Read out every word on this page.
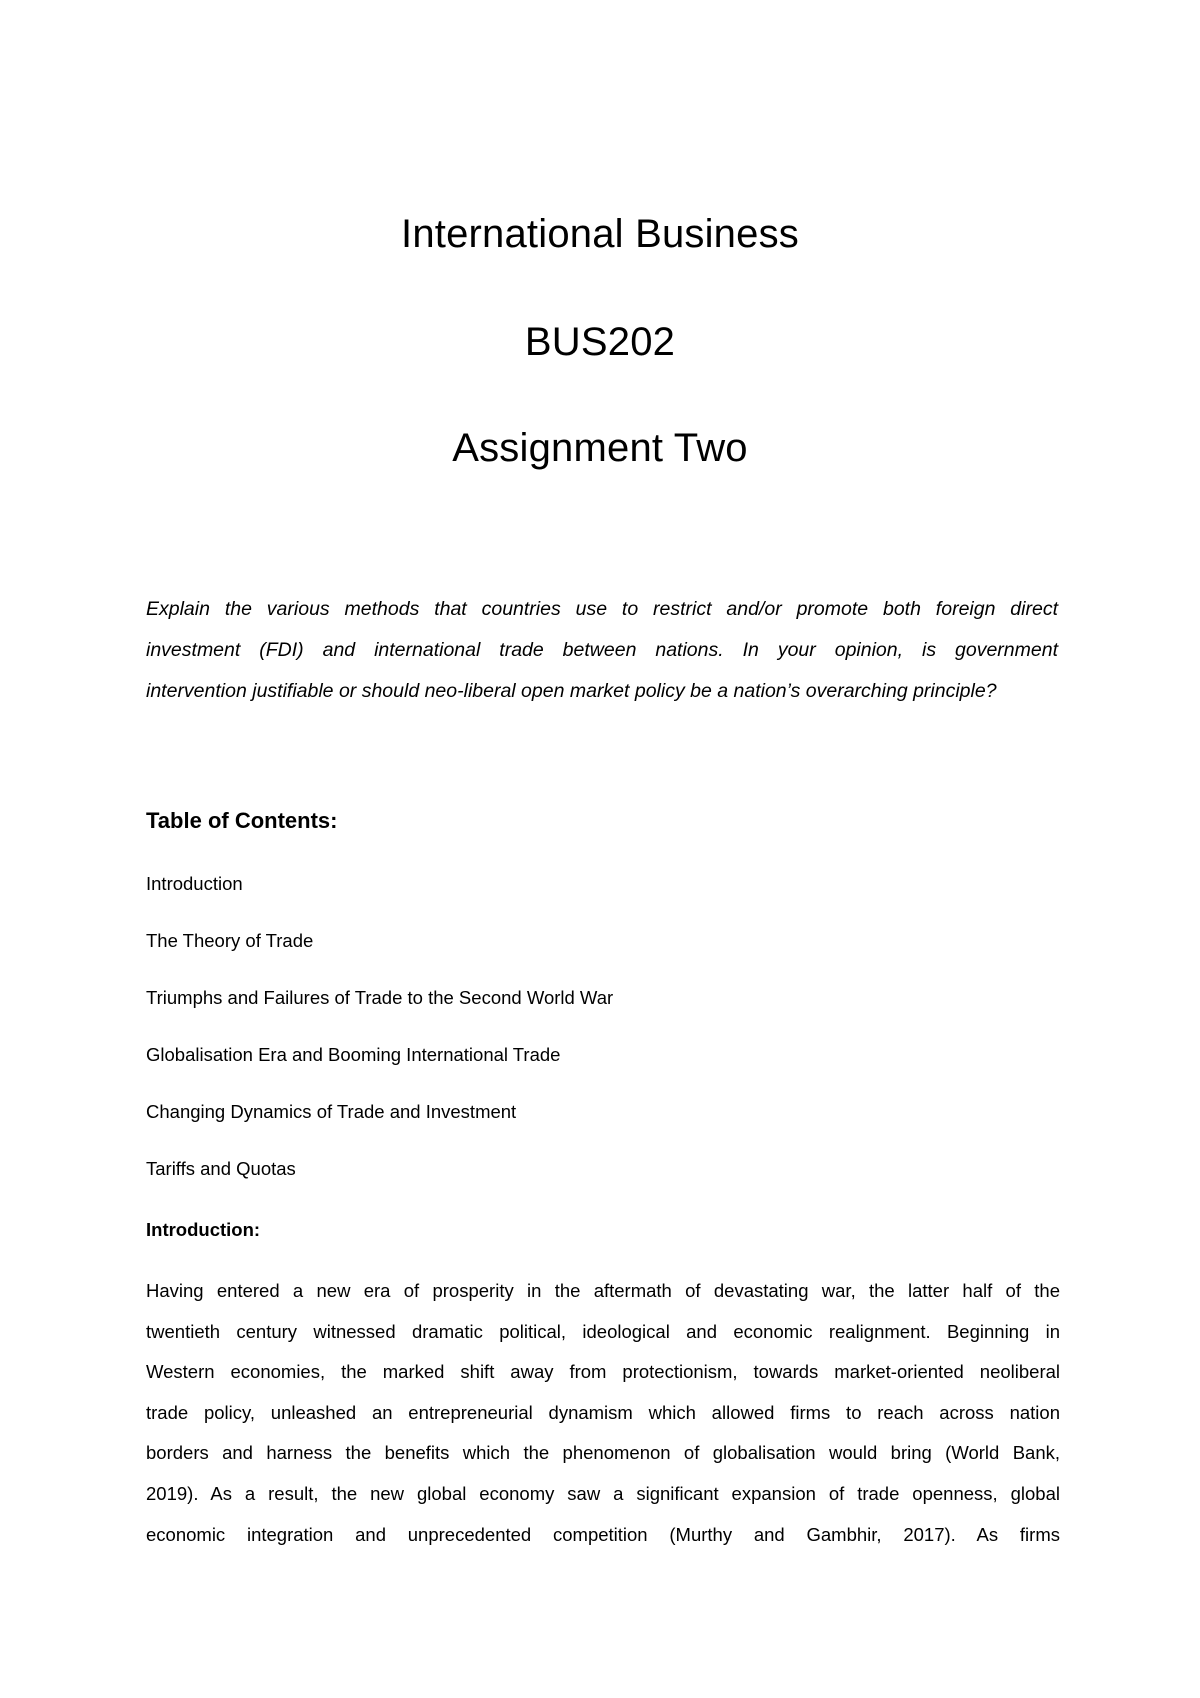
International Business
BUS202
Assignment Two

Explain the various methods that countries use to restrict and/or promote both foreign direct
investment (FDI) and international trade between nations. In your opinion, is government
intervention justifiable or should neo-liberal open market policy be a nation’s overarching principle?

Table of Contents:
Introduction
The Theory of Trade
Triumphs and Failures of Trade to the Second World War
Globalisation Era and Booming International Trade
Changing Dynamics of Trade and Investment
Tariffs and Quotas
Introduction:

Having entered a new era of prosperity in the aftermath of devastating war, the latter half of the
twentieth century witnessed dramatic political, ideological and economic realignment. Beginning in
Western economies, the marked shift away from protectionism, towards market-oriented neoliberal
trade policy, unleashed an entrepreneurial dynamism which allowed firms to reach across nation
borders and harness the benefits which the phenomenon of globalisation would bring (World Bank,
2019). As a result, the new global economy saw a significant expansion of trade openness, global
economic integration and unprecedented competition (Murthy and Gambhir, 2017). As firms
